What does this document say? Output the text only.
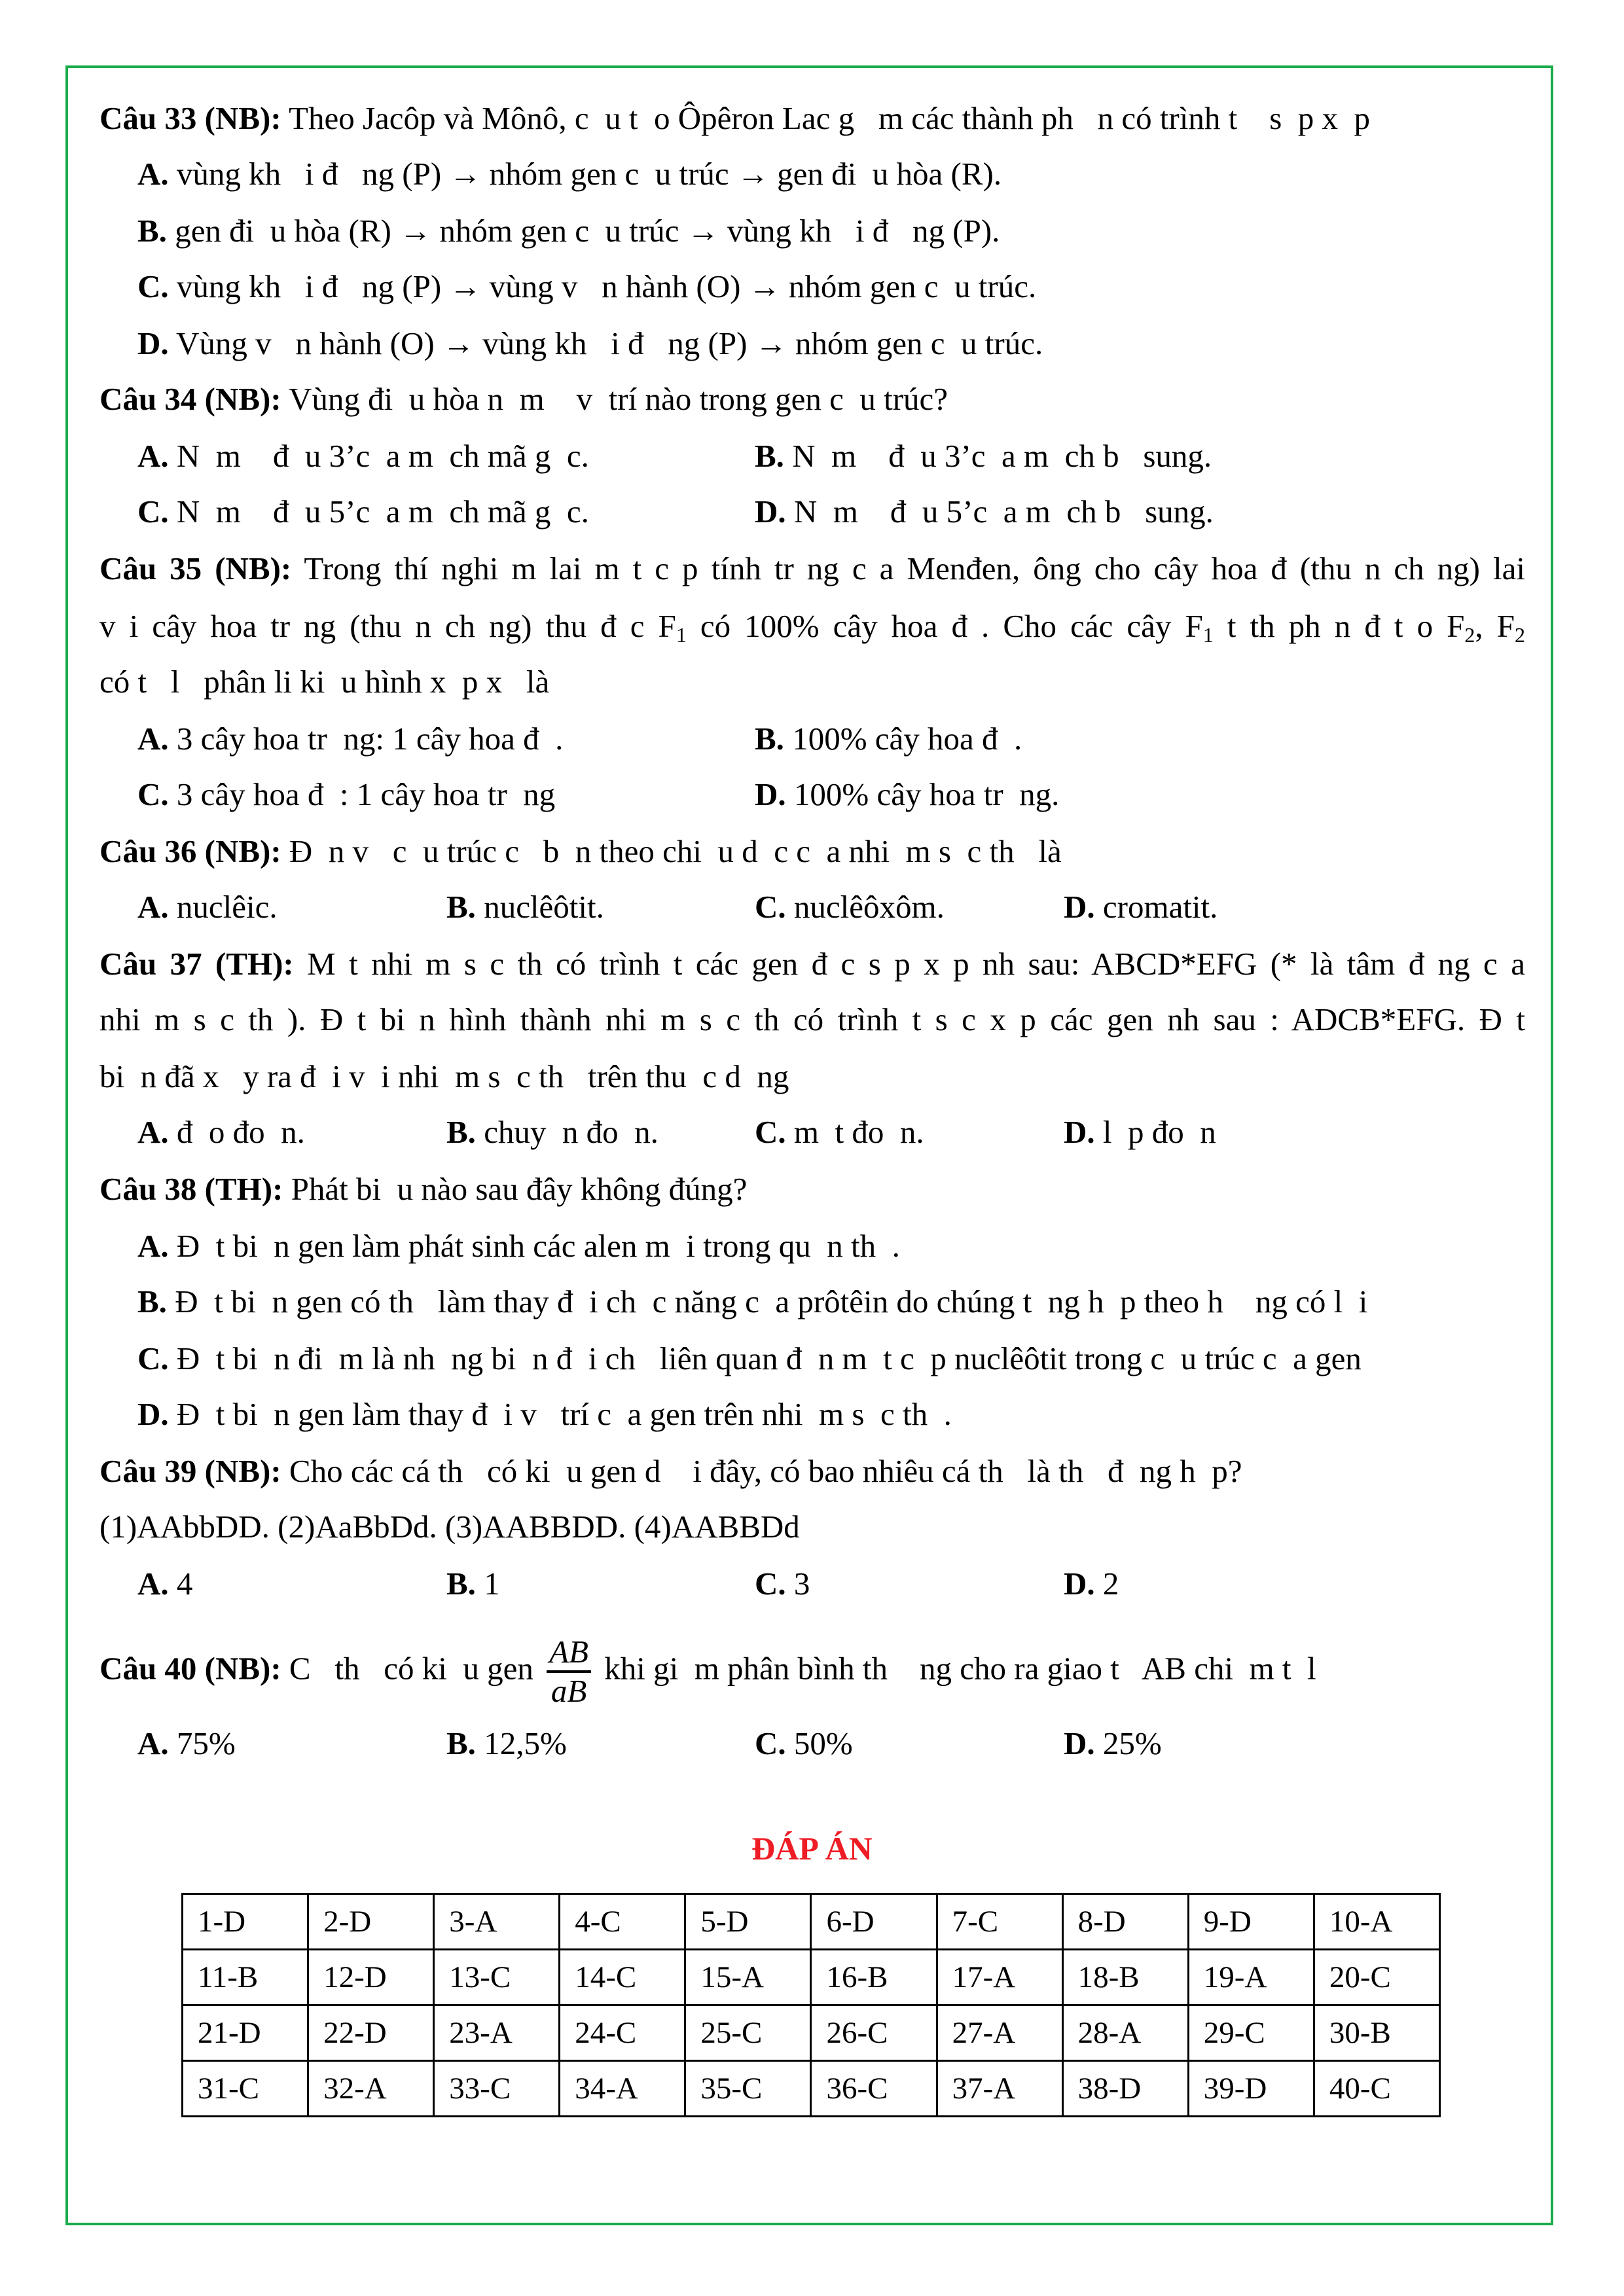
Câu 33 (NB): Theo Jacôp và Mônô, c  u t  o Ôpêron Lac g   m các thành ph   n có trình t    s  p x  p
A. vùng kh   i đ   ng (P) → nhóm gen c  u trúc → gen đi  u hòa (R).
B. gen đi  u hòa (R) → nhóm gen c  u trúc → vùng kh   i đ   ng (P).
C. vùng kh   i đ   ng (P) → vùng v   n hành (O) → nhóm gen c  u trúc.
D. Vùng v   n hành (O) → vùng kh   i đ   ng (P) → nhóm gen c  u trúc.
Câu 34 (NB): Vùng đi  u hòa n  m    v  trí nào trong gen c  u trúc?
A. N  m    đ  u 3’c  a m  ch mã g  c.	B. N  m    đ  u 3’c  a m  ch b   sung.
C. N  m    đ  u 5’c  a m  ch mã g  c.	D. N  m    đ  u 5’c  a m  ch b   sung.
Câu 35 (NB): Trong thí nghi m lai m t c p tính tr ng c a Menđen, ông cho cây hoa đ (thu n ch ng) lai
v i cây hoa tr ng (thu n ch ng) thu đ c $F_1$ có 100% cây hoa đ . Cho các cây $F_1$ t th ph n đ t o $F_2$, $F_2$
có t   l   phân li ki  u hình x  p x   là
A. 3 cây hoa tr  ng: 1 cây hoa đ  .	B. 100% cây hoa đ  .
C. 3 cây hoa đ  : 1 cây hoa tr  ng	D. 100% cây hoa tr  ng.
Câu 36 (NB): Đ  n v   c  u trúc c   b  n theo chi  u d  c c  a nhi  m s  c th   là
A. nuclêic.	B. nuclêôtit.	C. nuclêôxôm.	D. cromatit.
Câu 37 (TH): M t nhi m s c th có trình t các gen đ c s p x p nh sau: ABCD*EFG (* là tâm đ ng c a
nhi m s c th ). Đ t bi n hình thành nhi m s c th có trình t s c x p các gen nh sau : ADCB*EFG. Đ t
bi  n đã x   y ra đ  i v  i nhi  m s  c th   trên thu  c d  ng
A. đ  o đo  n.	B. chuy  n đo  n.	C. m  t đo  n.	D. l  p đo  n
Câu 38 (TH): Phát bi  u nào sau đây không đúng?
A. Đ  t bi  n gen làm phát sinh các alen m  i trong qu  n th  .
B. Đ  t bi  n gen có th   làm thay đ  i ch  c năng c  a prôtêin do chúng t  ng h  p theo h    ng có l  i
C. Đ  t bi  n đi  m là nh  ng bi  n đ  i ch   liên quan đ  n m  t c  p nuclêôtit trong c  u trúc c  a gen
D. Đ  t bi  n gen làm thay đ  i v   trí c  a gen trên nhi  m s  c th  .
Câu 39 (NB): Cho các cá th   có ki  u gen d    i đây, có bao nhiêu cá th   là th   đ  ng h  p?
(1)AAbbDD. (2)AaBbDd. (3)AABBDD. (4)AABBDd
A. 4	B. 1	C. 3	D. 2
Câu 40 (NB): C   th   có ki  u gen $\frac{AB}{aB}$ khi gi  m phân bình th    ng cho ra giao t   AB chi  m t  l
A. 75%	B. 12,5%	C. 50%	D. 25%
ĐÁP ÁN
1-D	2-D	3-A	4-C	5-D	6-D	7-C	8-D	9-D	10-A
11-B	12-D	13-C	14-C	15-A	16-B	17-A	18-B	19-A	20-C
21-D	22-D	23-A	24-C	25-C	26-C	27-A	28-A	29-C	30-B
31-C	32-A	33-C	34-A	35-C	36-C	37-A	38-D	39-D	40-C
